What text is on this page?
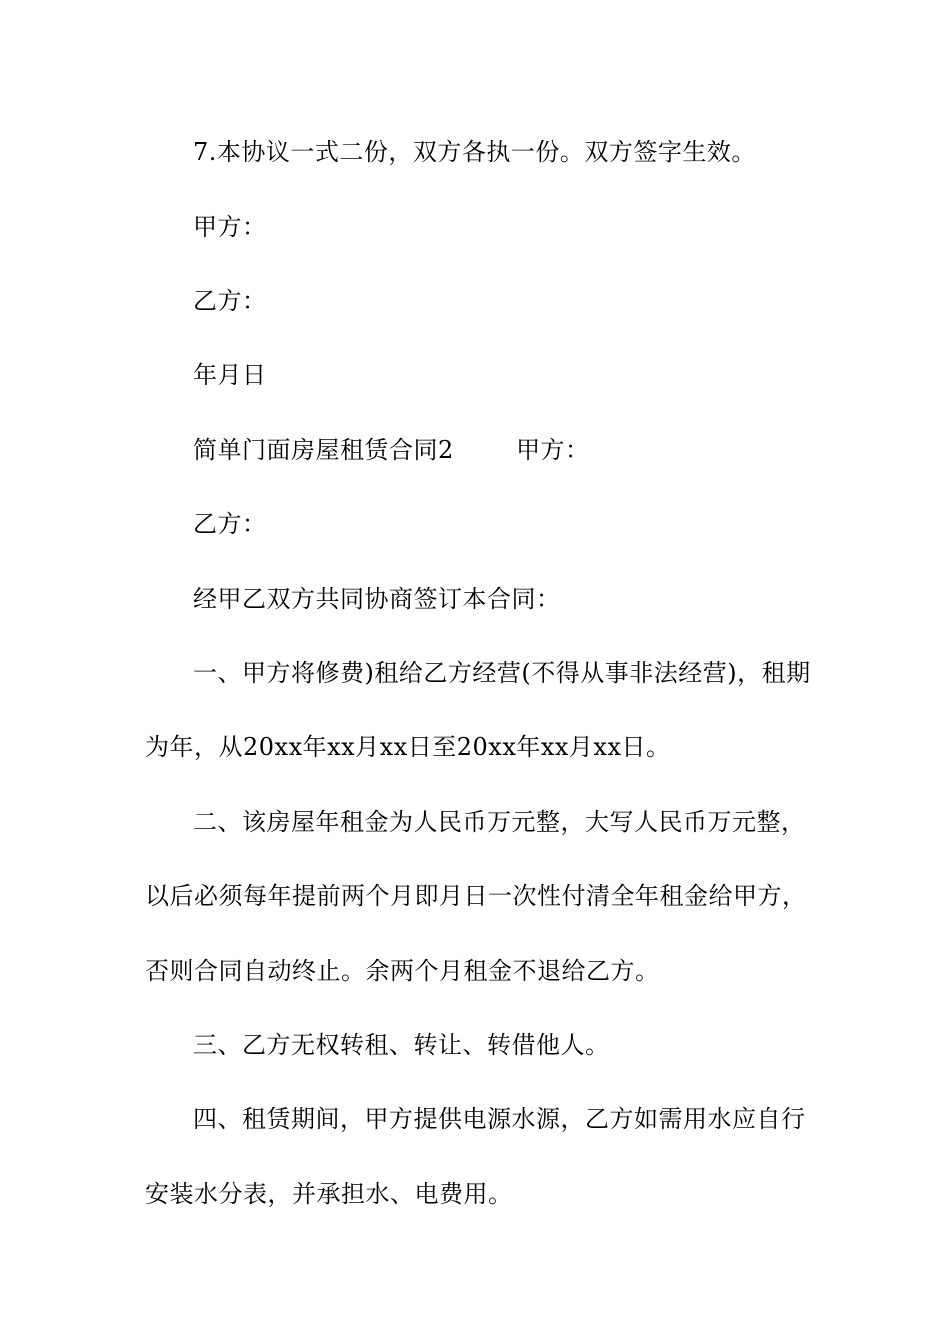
7.本协议一式二份，双方各执一份。双方签字生效。
甲方：
乙方：
年月日
简单门面房屋租赁合同2	甲方：
乙方：
经甲乙双方共同协商签订本合同：
一、甲方将修费)租给乙方经营(不得从事非法经营)，租期
为年，从20xx年xx月xx日至20xx年xx月xx日。
二、该房屋年租金为人民币万元整，大写人民币万元整，
以后必须每年提前两个月即月日一次性付清全年租金给甲方，
否则合同自动终止。余两个月租金不退给乙方。
三、乙方无权转租、转让、转借他人。
四、租赁期间，甲方提供电源水源，乙方如需用水应自行
安装水分表，并承担水、电费用。
